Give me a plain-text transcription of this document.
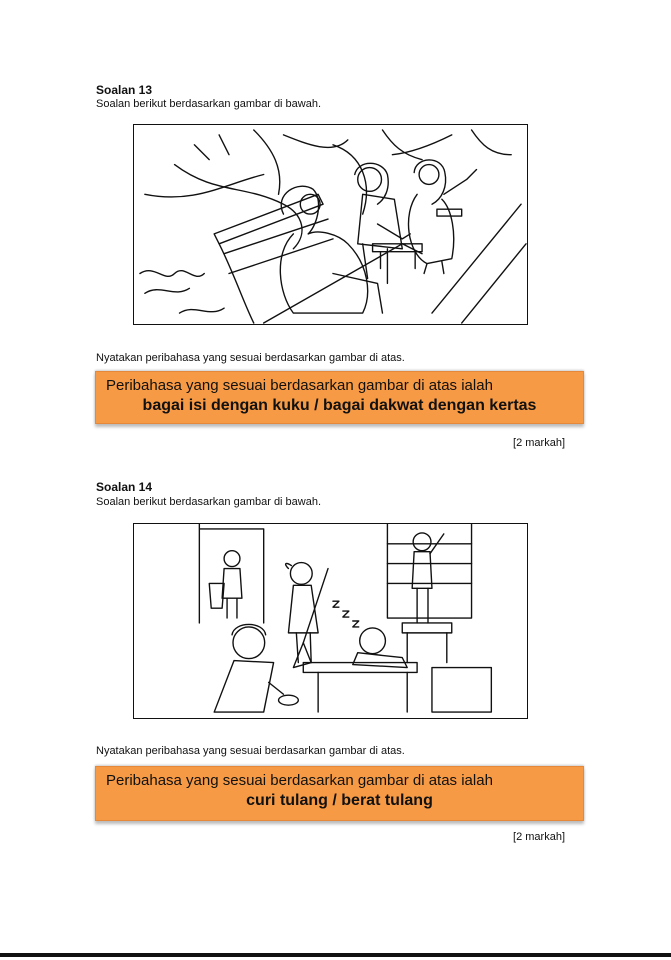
Soalan 13
Soalan berikut berdasarkan gambar di bawah.
Nyatakan peribahasa yang sesuai berdasarkan gambar di atas.
Peribahasa yang sesuai berdasarkan gambar di atas ialah
bagai isi dengan kuku / bagai dakwat dengan kertas
[2 markah]
Soalan 14
Soalan berikut berdasarkan gambar di bawah.
Nyatakan peribahasa yang sesuai berdasarkan gambar di atas.
Peribahasa yang sesuai berdasarkan gambar di atas ialah
curi tulang / berat tulang
[2 markah]
